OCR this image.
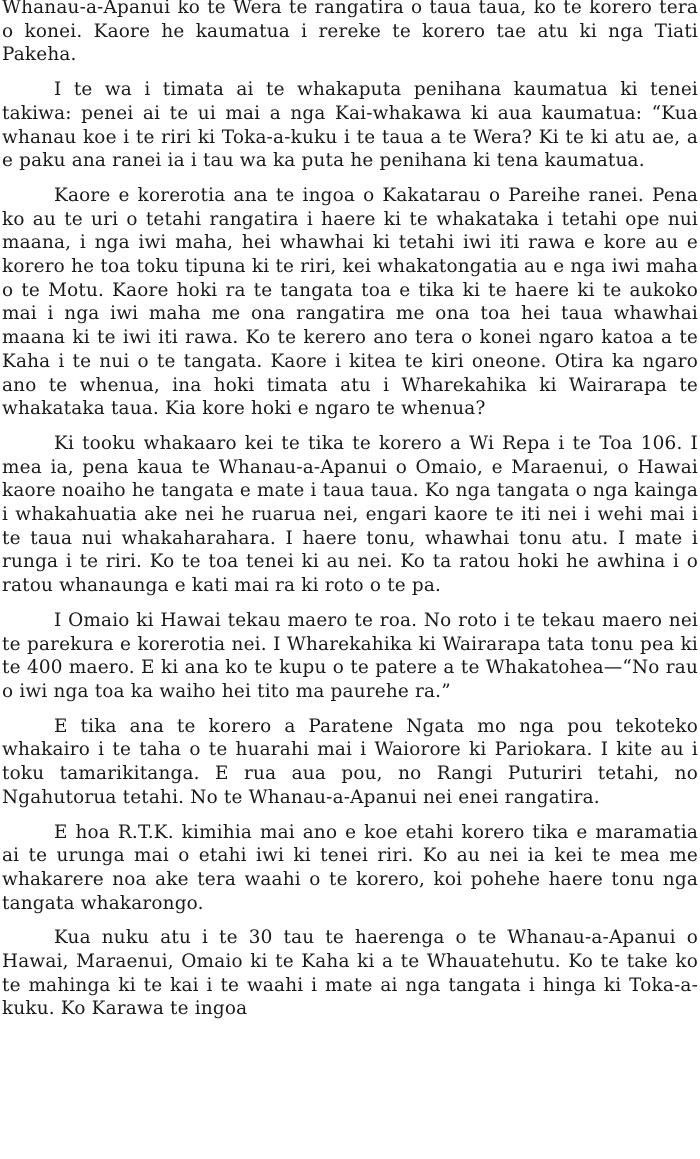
Whanau-a-Apanui ko te Wera te rangatira o taua taua, ko te korero tera o konei. Kaore he kaumatua i rereke te korero tae atu ki nga Tiati Pakeha.

I te wa i timata ai te whakaputa penihana kaumatua ki tenei takiwa: penei ai te ui mai a nga Kai-whakawa ki aua kaumatua: “Kua whanau koe i te riri ki Toka-a-kuku i te taua a te Wera? Ki te ki atu ae, a e paku ana ranei ia i tau wa ka puta he penihana ki tena kaumatua.

Kaore e korerotia ana te ingoa o Kakatarau o Pareihe ranei. Pena ko au te uri o tetahi rangatira i haere ki te whakataka i tetahi ope nui maana, i nga iwi maha, hei whawhai ki tetahi iwi iti rawa e kore au e korero he toa toku tipuna ki te riri, kei whakatongatia au e nga iwi maha o te Motu. Kaore hoki ra te tangata toa e tika ki te haere ki te aukoko mai i nga iwi maha me ona rangatira me ona toa hei taua whawhai maana ki te iwi iti rawa. Ko te kerero ano tera o konei ngaro katoa a te Kaha i te nui o te tangata. Kaore i kitea te kiri oneone. Otira ka ngaro ano te whenua, ina hoki timata atu i Wharekahika ki Wairarapa te whakataka taua. Kia kore hoki e ngaro te whenua?

Ki tooku whakaaro kei te tika te korero a Wi Repa i te Toa 106. I mea ia, pena kaua te Whanau-a-Apanui o Omaio, e Maraenui, o Hawai kaore noaiho he tangata e mate i taua taua. Ko nga tangata o nga kainga i whakahuatia ake nei he ruarua nei, engari kaore te iti nei i wehi mai i te taua nui whakaharahara. I haere tonu, whawhai tonu atu. I mate i runga i te riri. Ko te toa tenei ki au nei. Ko ta ratou hoki he awhina i o ratou whanaunga e kati mai ra ki roto o te pa.

I Omaio ki Hawai tekau maero te roa. No roto i te tekau maero nei te parekura e korerotia nei. I Wharekahika ki Wairarapa tata tonu pea ki te 400 maero. E ki ana ko te kupu o te patere a te Whakatohea—“No rau o iwi nga toa ka waiho hei tito ma paurehe ra.”

E tika ana te korero a Paratene Ngata mo nga pou tekoteko whakairo i te taha o te huarahi mai i Waiorore ki Pariokara. I kite au i toku tamarikitanga. E rua aua pou, no Rangi Puturiri tetahi, no Ngahutorua tetahi. No te Whanau-a-Apanui nei enei rangatira.

E hoa R.T.K. kimihia mai ano e koe etahi korero tika e maramatia ai te urunga mai o etahi iwi ki tenei riri. Ko au nei ia kei te mea me whakarere noa ake tera waahi o te korero, koi pohehe haere tonu nga tangata whakarongo.

Kua nuku atu i te 30 tau te haerenga o te Whanau-a-Apanui o Hawai, Maraenui, Omaio ki te Kaha ki a te Whauatehutu. Ko te take ko te mahinga ki te kai i te waahi i mate ai nga tangata i hinga ki Toka-a-kuku. Ko Karawa te ingoa
